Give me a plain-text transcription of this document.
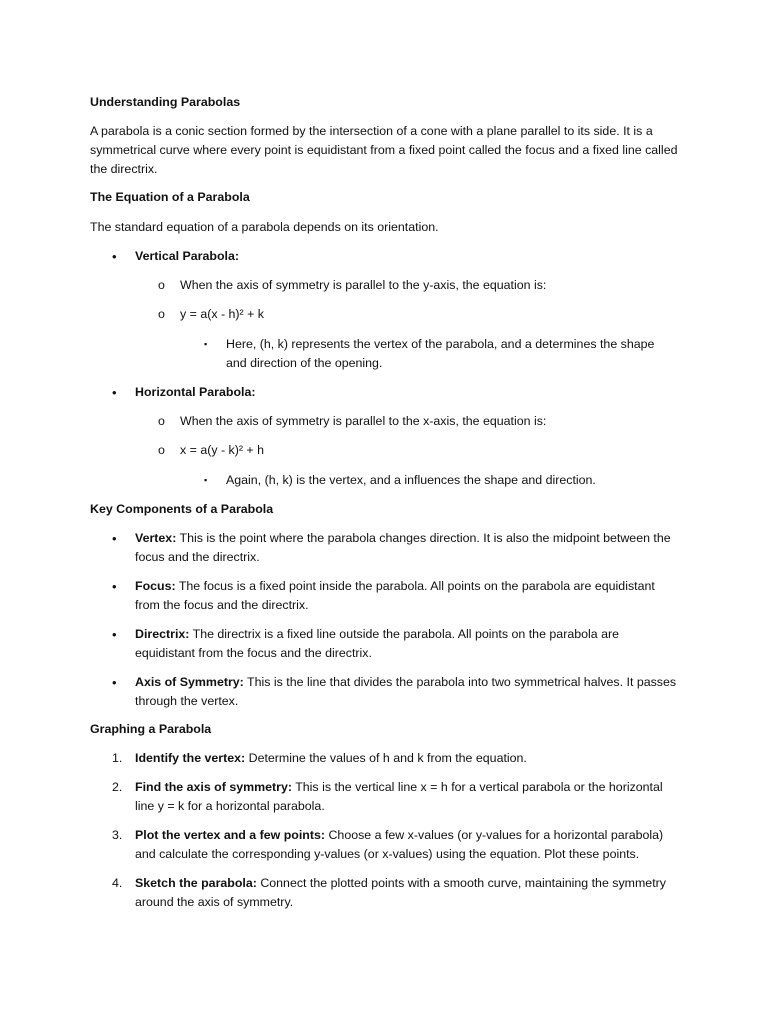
Understanding Parabolas
A parabola is a conic section formed by the intersection of a cone with a plane parallel to its side. It is a symmetrical curve where every point is equidistant from a fixed point called the focus and a fixed line called the directrix.
The Equation of a Parabola
The standard equation of a parabola depends on its orientation.
•	Vertical Parabola:
o	When the axis of symmetry is parallel to the y-axis, the equation is:
o	y = a(x - h)² + k
▪	Here, (h, k) represents the vertex of the parabola, and a determines the shape and direction of the opening.
•	Horizontal Parabola:
o	When the axis of symmetry is parallel to the x-axis, the equation is:
o	x = a(y - k)² + h
▪	Again, (h, k) is the vertex, and a influences the shape and direction.
Key Components of a Parabola
•	Vertex: This is the point where the parabola changes direction. It is also the midpoint between the focus and the directrix.
•	Focus: The focus is a fixed point inside the parabola. All points on the parabola are equidistant from the focus and the directrix.
•	Directrix: The directrix is a fixed line outside the parabola. All points on the parabola are equidistant from the focus and the directrix.
•	Axis of Symmetry: This is the line that divides the parabola into two symmetrical halves. It passes through the vertex.
Graphing a Parabola
1.	Identify the vertex: Determine the values of h and k from the equation.
2.	Find the axis of symmetry: This is the vertical line x = h for a vertical parabola or the horizontal line y = k for a horizontal parabola.
3.	Plot the vertex and a few points: Choose a few x-values (or y-values for a horizontal parabola) and calculate the corresponding y-values (or x-values) using the equation. Plot these points.
4.	Sketch the parabola: Connect the plotted points with a smooth curve, maintaining the symmetry around the axis of symmetry.
